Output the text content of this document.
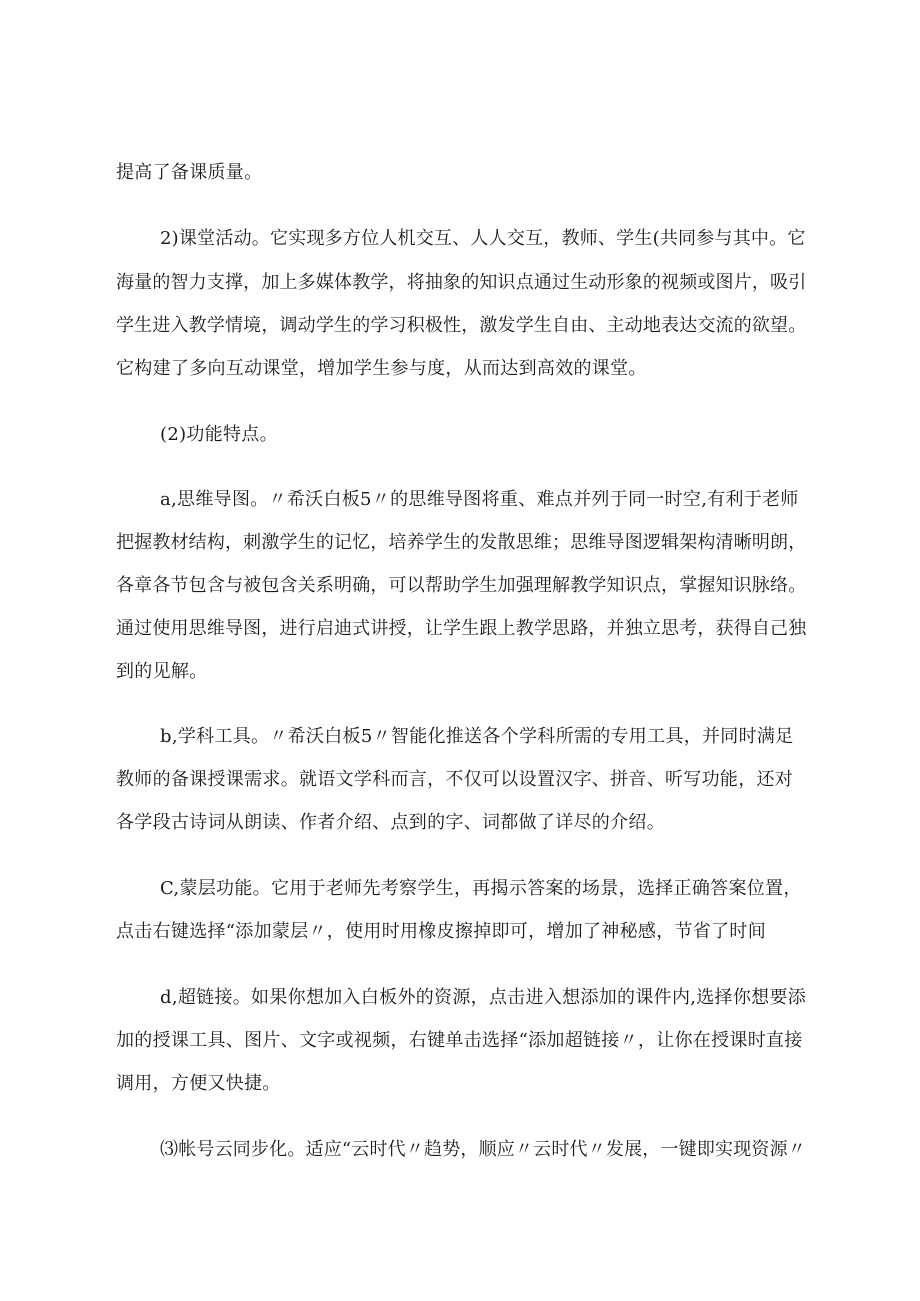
提高了备课质量。
2)课堂活动。它实现多方位人机交互、人人交互，教师、学生(共同参与其中。它
海量的智力支撑，加上多媒体教学，将抽象的知识点通过生动形象的视频或图片，吸引
学生进入教学情境，调动学生的学习积极性，激发学生自由、主动地表达交流的欲望。
它构建了多向互动课堂，增加学生参与度，从而达到高效的课堂。
(2)功能特点。
a,思维导图。〃希沃白板5〃的思维导图将重、难点并列于同一时空,有利于老师
把握教材结构，刺激学生的记忆，培养学生的发散思维；思维导图逻辑架构清晰明朗，
各章各节包含与被包含关系明确，可以帮助学生加强理解教学知识点，掌握知识脉络。
通过使用思维导图，进行启迪式讲授，让学生跟上教学思路，并独立思考，获得自己独
到的见解。
b,学科工具。〃希沃白板5〃智能化推送各个学科所需的专用工具，并同时满足
教师的备课授课需求。就语文学科而言，不仅可以设置汉字、拼音、听写功能，还对
各学段古诗词从朗读、作者介绍、点到的字、词都做了详尽的介绍。
C,蒙层功能。它用于老师先考察学生，再揭示答案的场景，选择正确答案位置，
点击右键选择“添加蒙层〃，使用时用橡皮擦掉即可，增加了神秘感，节省了时间
d,超链接。如果你想加入白板外的资源，点击进入想添加的课件内,选择你想要添
加的授课工具、图片、文字或视频，右键单击选择“添加超链接〃，让你在授课时直接
调用，方便又快捷。
⑶帐号云同步化。适应“云时代〃趋势，顺应〃云时代〃发展，一键即实现资源〃
